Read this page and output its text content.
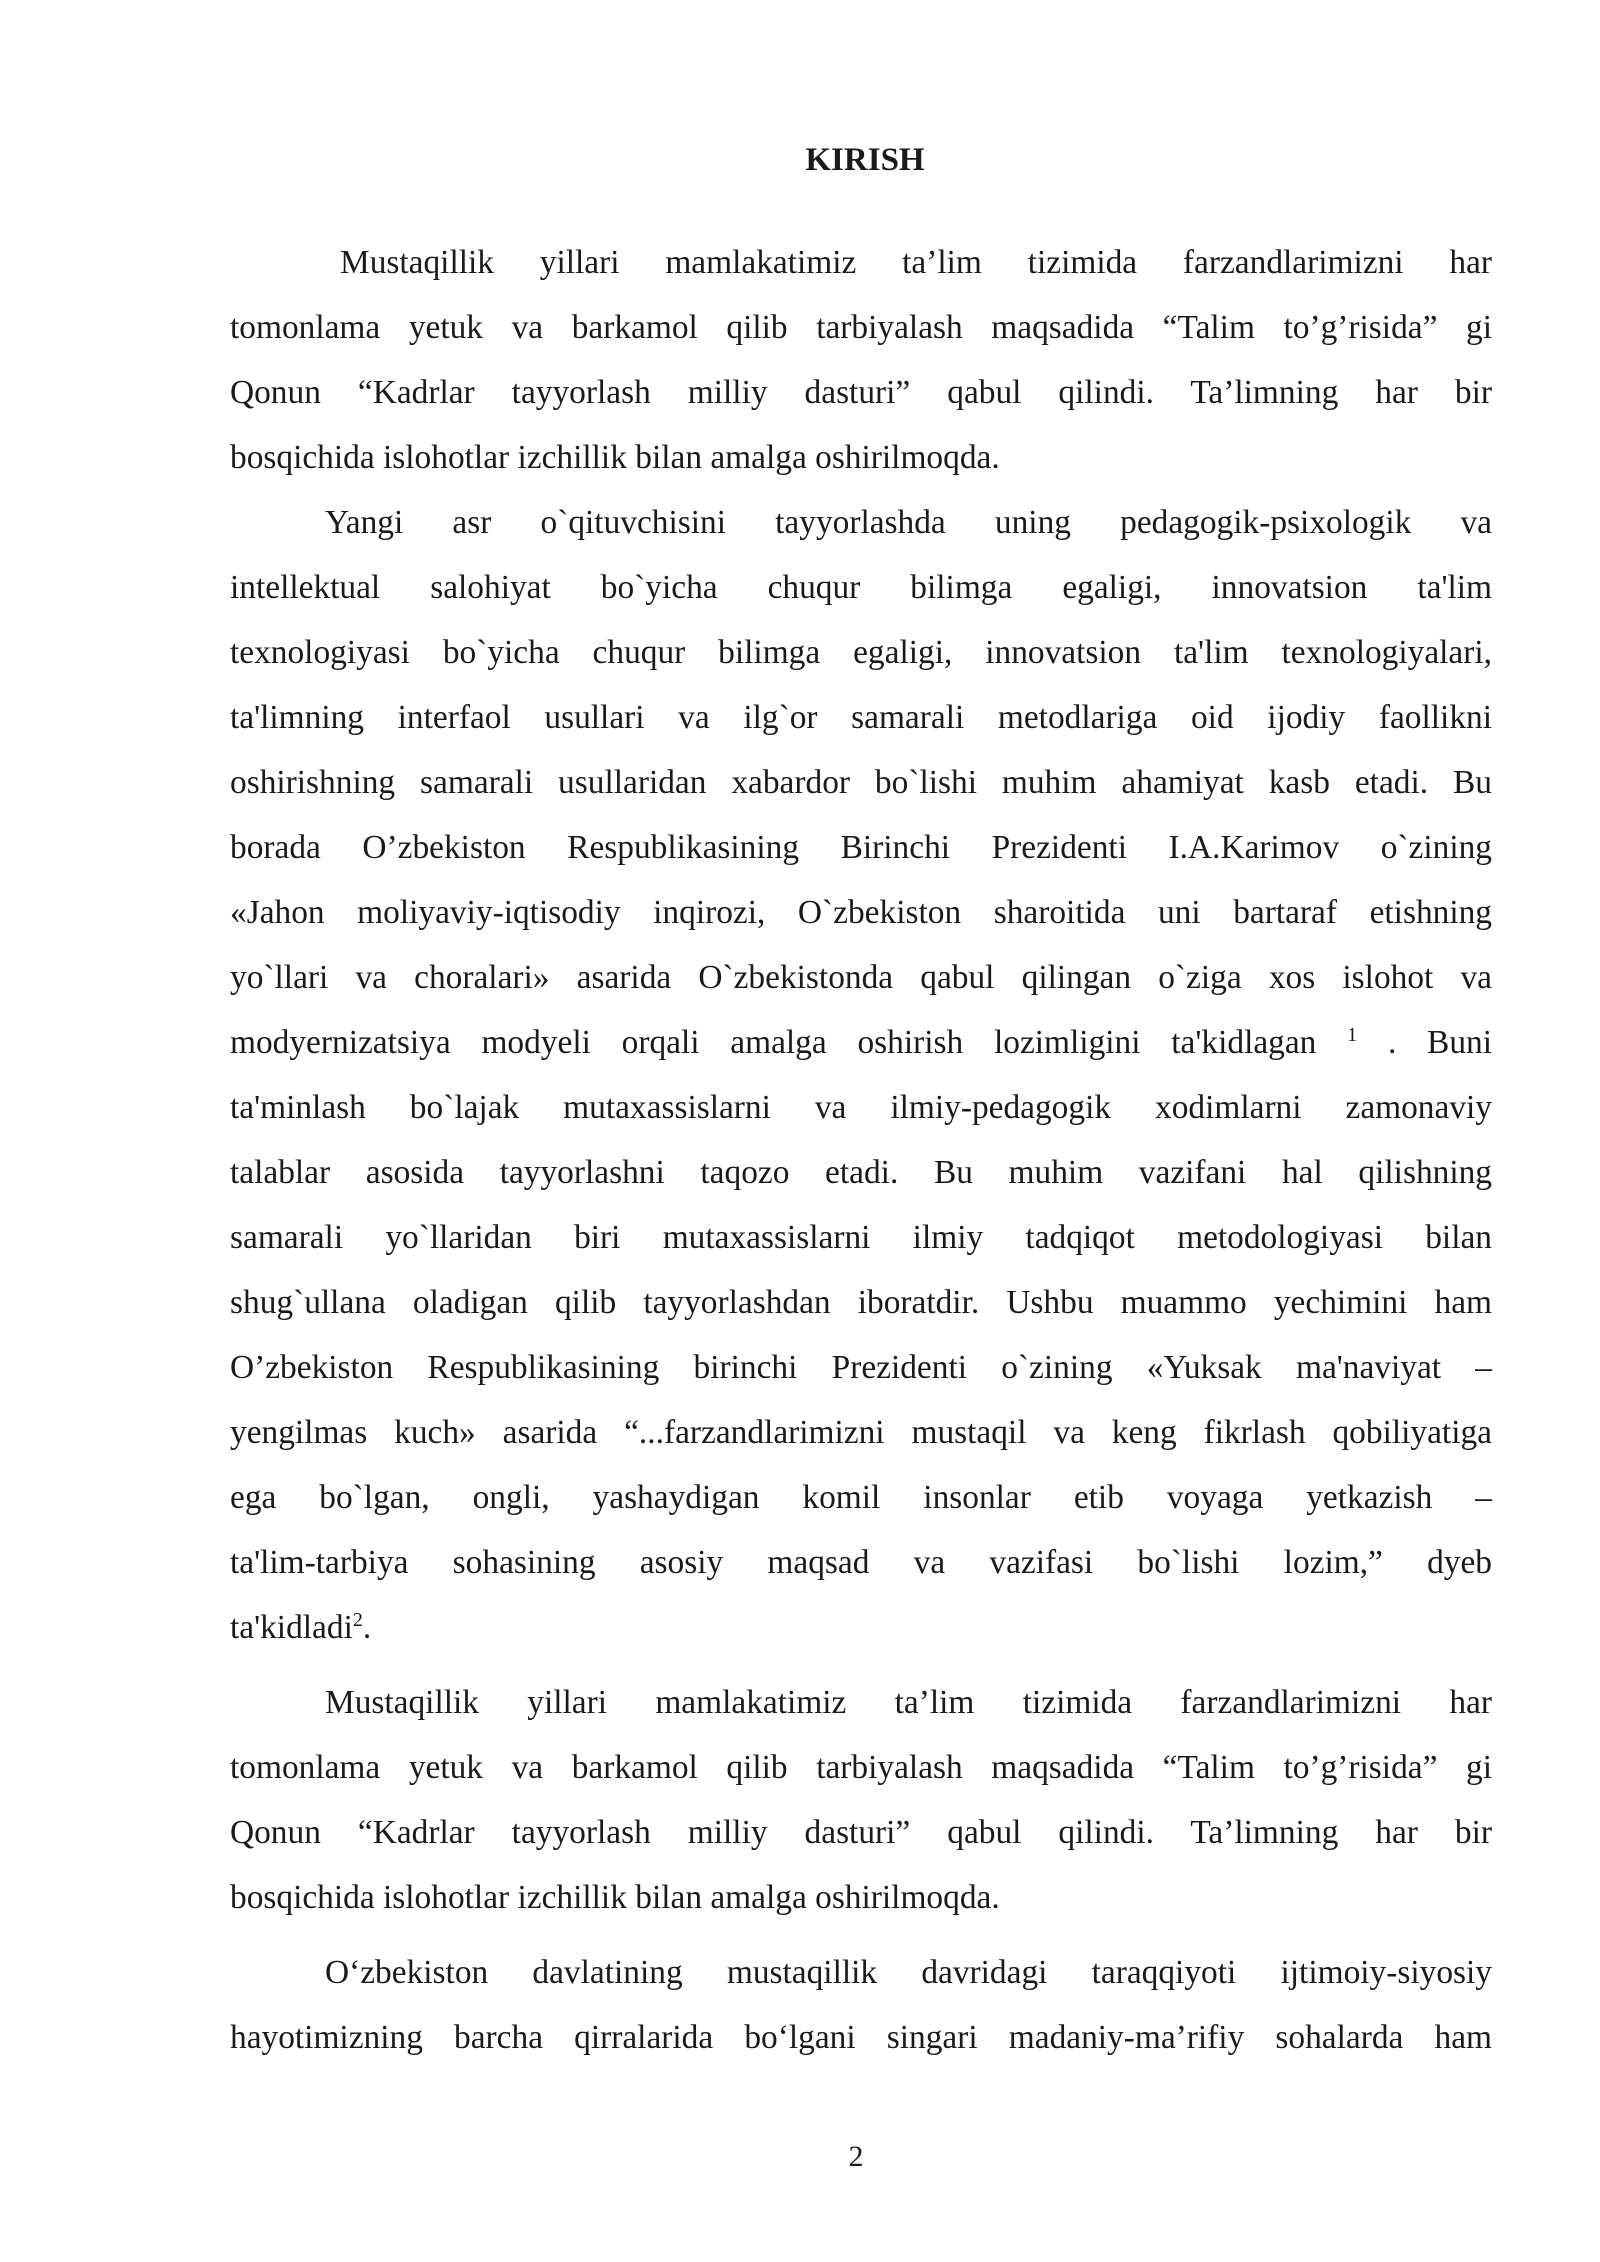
KIRISH
Mustaqillik yillari mamlakatimiz ta’lim tizimida farzandlarimizni har
tomonlama yetuk va barkamol qilib tarbiyalash maqsadida “Talim to’g’risida” gi
Qonun “Kadrlar tayyorlash milliy dasturi” qabul qilindi. Ta’limning har bir
bosqichida islohotlar izchillik bilan amalga oshirilmoqda.
Yangi asr o`qituvchisini tayyorlashda uning pedagogik-psixologik va
intellektual salohiyat bo`yicha chuqur bilimga egaligi, innovatsion ta'lim
texnologiyasi bo`yicha chuqur bilimga egaligi, innovatsion ta'lim texnologiyalari,
ta'limning interfaol usullari va ilg`or samarali metodlariga oid ijodiy faollikni
oshirishning samarali usullaridan xabardor bo`lishi muhim ahamiyat kasb etadi. Bu
borada O’zbekiston Respublikasining Birinchi Prezidenti I.A.Karimov o`zining
«Jahon moliyaviy-iqtisodiy inqirozi, O`zbekiston sharoitida uni bartaraf etishning
yo`llari va choralari» asarida O`zbekistonda qabul qilingan o`ziga xos islohot va
modyernizatsiya modyeli orqali amalga oshirish lozimligini ta'kidlagan $^1$ . Buni
ta'minlash bo`lajak mutaxassislarni va ilmiy-pedagogik xodimlarni zamonaviy
talablar asosida tayyorlashni taqozo etadi. Bu muhim vazifani hal qilishning
samarali yo`llaridan biri mutaxassislarni ilmiy tadqiqot metodologiyasi bilan
shug`ullana oladigan qilib tayyorlashdan iboratdir. Ushbu muammo yechimini ham
O’zbekiston Respublikasining birinchi Prezidenti o`zining «Yuksak ma'naviyat –
yengilmas kuch» asarida “...farzandlarimizni mustaqil va keng fikrlash qobiliyatiga
ega bo`lgan, ongli, yashaydigan komil insonlar etib voyaga yetkazish –
ta'lim-tarbiya sohasining asosiy maqsad va vazifasi bo`lishi lozim,” dyeb
ta'kidladi$^2$.
Mustaqillik yillari mamlakatimiz ta’lim tizimida farzandlarimizni har
tomonlama yetuk va barkamol qilib tarbiyalash maqsadida “Talim to’g’risida” gi
Qonun “Kadrlar tayyorlash milliy dasturi” qabul qilindi. Ta’limning har bir
bosqichida islohotlar izchillik bilan amalga oshirilmoqda.
O‘zbekiston davlatining mustaqillik davridagi taraqqiyoti ijtimoiy-siyosiy
hayotimizning barcha qirralarida bo‘lgani singari madaniy-ma’rifiy sohalarda ham
2
